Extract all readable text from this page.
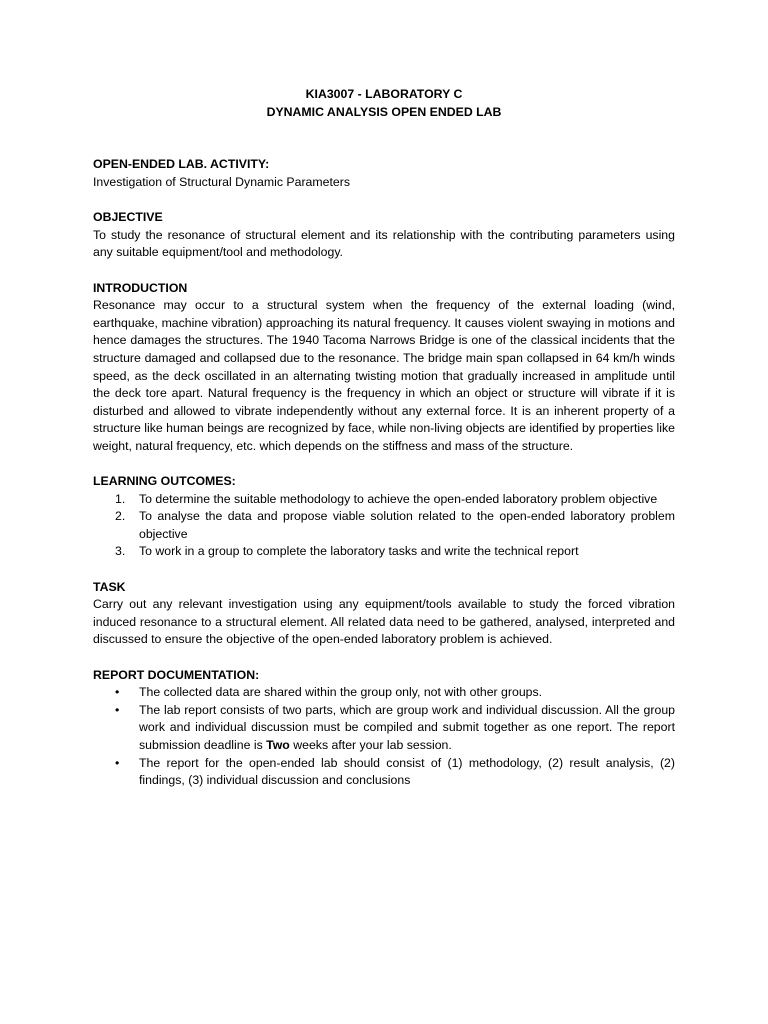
KIA3007 - LABORATORY C

DYNAMIC ANALYSIS OPEN ENDED LAB

OPEN-ENDED LAB. ACTIVITY:

Investigation of Structural Dynamic Parameters

OBJECTIVE

To study the resonance of structural element and its relationship with the contributing parameters using any suitable equipment/tool and methodology.

INTRODUCTION

Resonance may occur to a structural system when the frequency of the external loading (wind, earthquake, machine vibration) approaching its natural frequency. It causes violent swaying in motions and hence damages the structures. The 1940 Tacoma Narrows Bridge is one of the classical incidents that the structure damaged and collapsed due to the resonance. The bridge main span collapsed in 64 km/h winds speed, as the deck oscillated in an alternating twisting motion that gradually increased in amplitude until the deck tore apart. Natural frequency is the frequency in which an object or structure will vibrate if it is disturbed and allowed to vibrate independently without any external force. It is an inherent property of a structure like human beings are recognized by face, while non-living objects are identified by properties like weight, natural frequency, etc. which depends on the stiffness and mass of the structure.

LEARNING OUTCOMES:

1. To determine the suitable methodology to achieve the open-ended laboratory problem objective
2. To analyse the data and propose viable solution related to the open-ended laboratory problem objective
3. To work in a group to complete the laboratory tasks and write the technical report

TASK

Carry out any relevant investigation using any equipment/tools available to study the forced vibration induced resonance to a structural element. All related data need to be gathered, analysed, interpreted and discussed to ensure the objective of the open-ended laboratory problem is achieved.

REPORT DOCUMENTATION:

• The collected data are shared within the group only, not with other groups.
• The lab report consists of two parts, which are group work and individual discussion. All the group work and individual discussion must be compiled and submit together as one report. The report submission deadline is Two weeks after your lab session.
• The report for the open-ended lab should consist of (1) methodology, (2) result analysis, (2) findings, (3) individual discussion and conclusions
